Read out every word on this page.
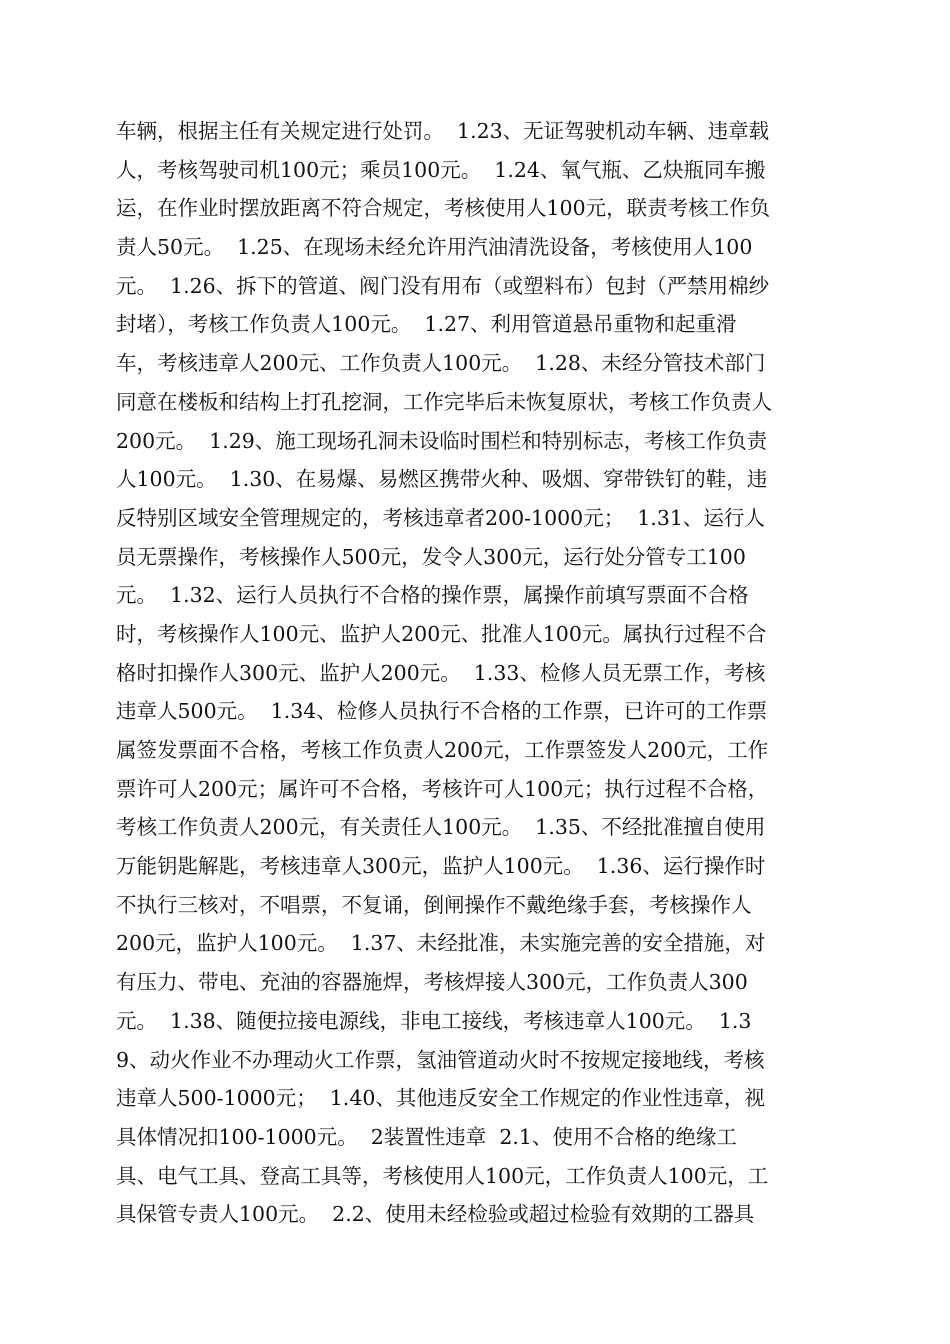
车辆，根据主任有关规定进行处罚。  1.23、无证驾驶机动车辆、违章载
人，考核驾驶司机100元；乘员100元。  1.24、氧气瓶、乙炔瓶同车搬
运，在作业时摆放距离不符合规定，考核使用人100元，联责考核工作负
责人50元。  1.25、在现场未经允许用汽油清洗设备，考核使用人100
元。  1.26、拆下的管道、阀门没有用布（或塑料布）包封（严禁用棉纱
封堵），考核工作负责人100元。  1.27、利用管道悬吊重物和起重滑
车，考核违章人200元、工作负责人100元。  1.28、未经分管技术部门
同意在楼板和结构上打孔挖洞，工作完毕后未恢复原状，考核工作负责人
200元。  1.29、施工现场孔洞未设临时围栏和特别标志，考核工作负责
人100元。  1.30、在易爆、易燃区携带火种、吸烟、穿带铁钉的鞋，违
反特别区域安全管理规定的，考核违章者200-1000元；  1.31、运行人
员无票操作，考核操作人500元，发令人300元，运行处分管专工100
元。  1.32、运行人员执行不合格的操作票，属操作前填写票面不合格
时，考核操作人100元、监护人200元、批准人100元。属执行过程不合
格时扣操作人300元、监护人200元。  1.33、检修人员无票工作，考核
违章人500元。  1.34、检修人员执行不合格的工作票，已许可的工作票
属签发票面不合格，考核工作负责人200元，工作票签发人200元，工作
票许可人200元；属许可不合格，考核许可人100元；执行过程不合格，
考核工作负责人200元，有关责任人100元。  1.35、不经批准擅自使用
万能钥匙解匙，考核违章人300元，监护人100元。  1.36、运行操作时
不执行三核对，不唱票，不复诵，倒闸操作不戴绝缘手套，考核操作人
200元，监护人100元。  1.37、未经批准，未实施完善的安全措施，对
有压力、带电、充油的容器施焊，考核焊接人300元，工作负责人300
元。  1.38、随便拉接电源线，非电工接线，考核违章人100元。  1.3
9、动火作业不办理动火工作票，氢油管道动火时不按规定接地线，考核
违章人500-1000元；  1.40、其他违反安全工作规定的作业性违章，视
具体情况扣100-1000元。  2装置性违章  2.1、使用不合格的绝缘工
具、电气工具、登高工具等，考核使用人100元，工作负责人100元，工
具保管专责人100元。  2.2、使用未经检验或超过检验有效期的工器具
